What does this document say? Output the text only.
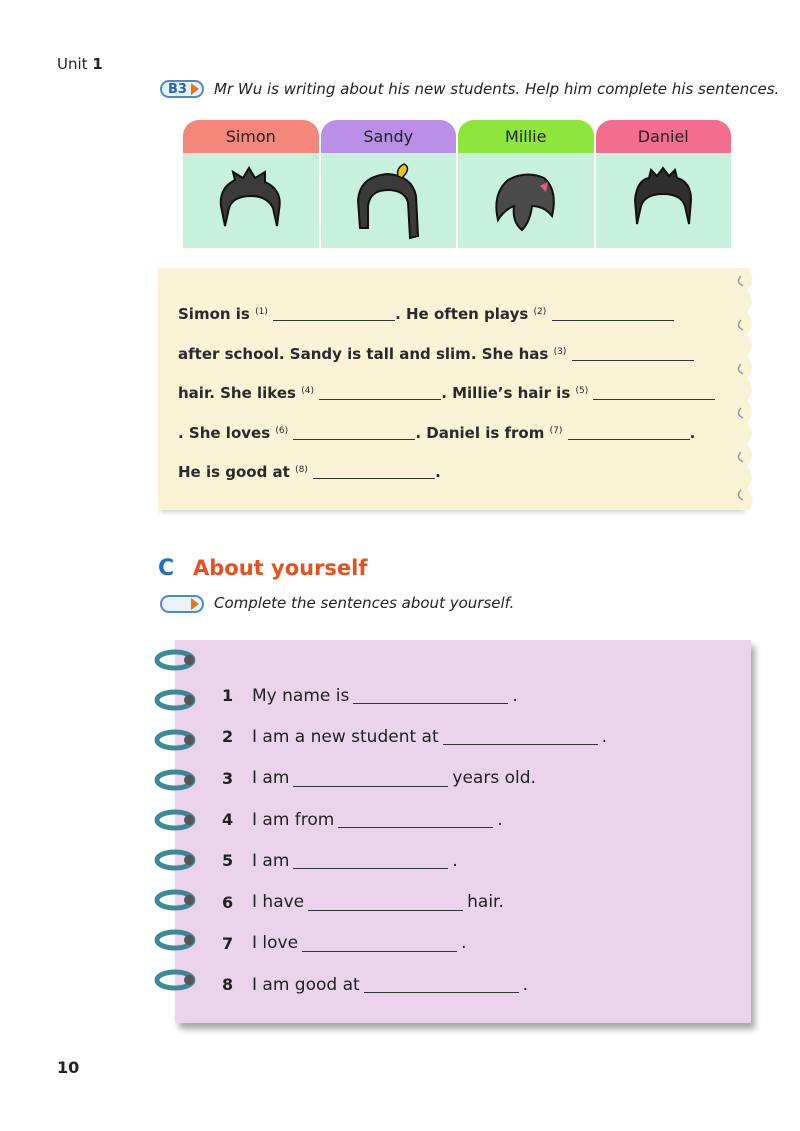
Unit 1
B3 Mr Wu is writing about his new students. Help him complete his sentences.
Simon	Sandy	Millie	Daniel
Simon is $^{(1)}$	. He often plays $^{(2)}$  after school. Sandy is tall and slim. She has $^{(3)}$  hair. She likes $^{(4)}$	. Millie’s hair is $^{(5)}$ . She loves $^{(6)}$	. Daniel is from $^{(7)}$	. He is good at $^{(8)}$	.
C About yourself
Complete the sentences about yourself.
1	My name is	.
2	I am a new student at	.
3	I am	years old.
4	I am from	.
5	I am	.
6	I have	hair.
7	I love	.
8	I am good at	.
10
